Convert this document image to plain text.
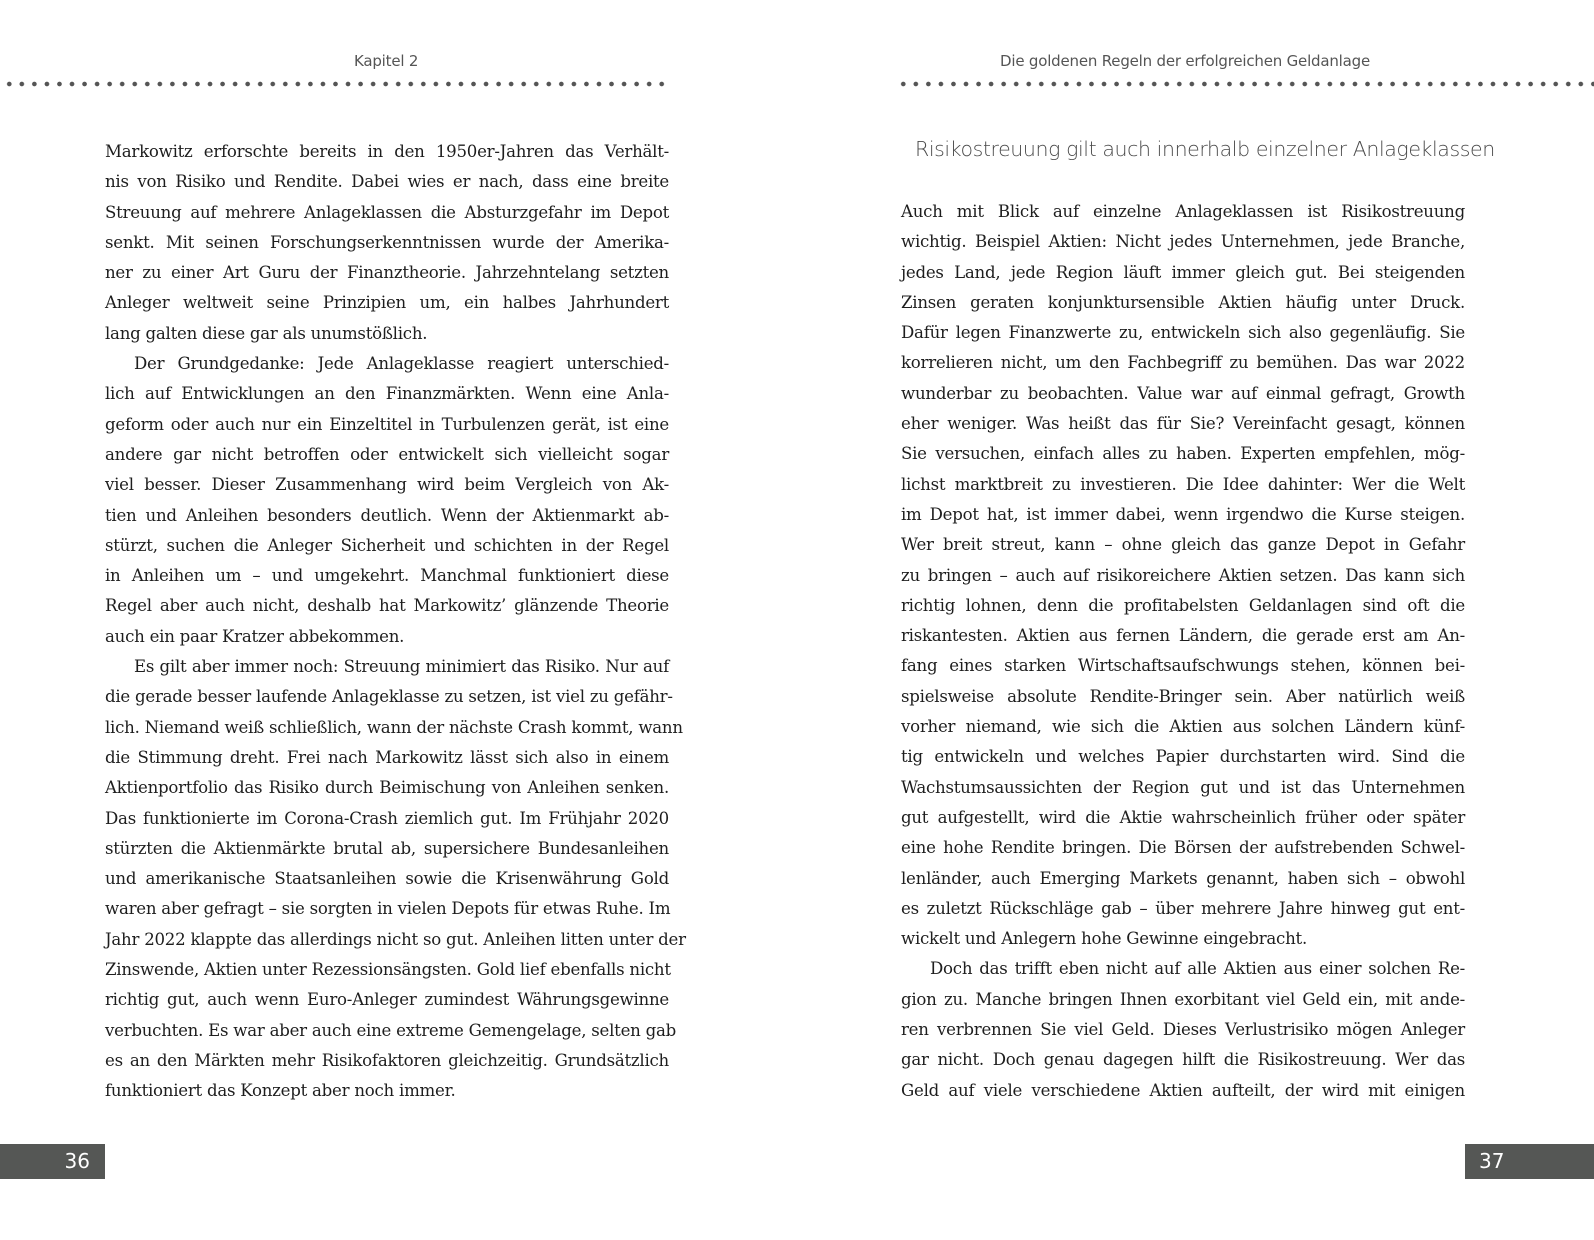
Kapitel 2

Markowitz erforschte bereits in den 1950er-Jahren das Verhält-
nis von Risiko und Rendite. Dabei wies er nach, dass eine breite
Streuung auf mehrere Anlageklassen die Absturzgefahr im Depot
senkt. Mit seinen Forschungserkenntnissen wurde der Amerika-
ner zu einer Art Guru der Finanztheorie. Jahrzehntelang setzten
Anleger weltweit seine Prinzipien um, ein halbes Jahrhundert
lang galten diese gar als unumstößlich.

Der Grundgedanke: Jede Anlageklasse reagiert unterschied-
lich auf Entwicklungen an den Finanzmärkten. Wenn eine Anla-
geform oder auch nur ein Einzeltitel in Turbulenzen gerät, ist eine
andere gar nicht betroffen oder entwickelt sich vielleicht sogar
viel besser. Dieser Zusammenhang wird beim Vergleich von Ak-
tien und Anleihen besonders deutlich. Wenn der Aktienmarkt ab-
stürzt, suchen die Anleger Sicherheit und schichten in der Regel
in Anleihen um – und umgekehrt. Manchmal funktioniert diese
Regel aber auch nicht, deshalb hat Markowitz’ glänzende Theorie
auch ein paar Kratzer abbekommen.

Es gilt aber immer noch: Streuung minimiert das Risiko. Nur auf
die gerade besser laufende Anlageklasse zu setzen, ist viel zu gefähr-
lich. Niemand weiß schließlich, wann der nächste Crash kommt, wann
die Stimmung dreht. Frei nach Markowitz lässt sich also in einem
Aktienportfolio das Risiko durch Beimischung von Anleihen senken.
Das funktionierte im Corona-Crash ziemlich gut. Im Frühjahr 2020
stürzten die Aktienmärkte brutal ab, supersichere Bundesanleihen
und amerikanische Staatsanleihen sowie die Krisenwährung Gold
waren aber gefragt – sie sorgten in vielen Depots für etwas Ruhe. Im
Jahr 2022 klappte das allerdings nicht so gut. Anleihen litten unter der
Zinswende, Aktien unter Rezessionsängsten. Gold lief ebenfalls nicht
richtig gut, auch wenn Euro-Anleger zumindest Währungsgewinne
verbuchten. Es war aber auch eine extreme Gemengelage, selten gab
es an den Märkten mehr Risikofaktoren gleichzeitig. Grundsätzlich
funktioniert das Konzept aber noch immer.

36
Die goldenen Regeln der erfolgreichen Geldanlage
Risikostreuung gilt auch innerhalb einzelner Anlageklassen

Auch mit Blick auf einzelne Anlageklassen ist Risikostreuung
wichtig. Beispiel Aktien: Nicht jedes Unternehmen, jede Branche,
jedes Land, jede Region läuft immer gleich gut. Bei steigenden
Zinsen geraten konjunktursensible Aktien häufig unter Druck.
Dafür legen Finanzwerte zu, entwickeln sich also gegenläufig. Sie
korrelieren nicht, um den Fachbegriff zu bemühen. Das war 2022
wunderbar zu beobachten. Value war auf einmal gefragt, Growth
eher weniger. Was heißt das für Sie? Vereinfacht gesagt, können
Sie versuchen, einfach alles zu haben. Experten empfehlen, mög-
lichst marktbreit zu investieren. Die Idee dahinter: Wer die Welt
im Depot hat, ist immer dabei, wenn irgendwo die Kurse steigen.
Wer breit streut, kann – ohne gleich das ganze Depot in Gefahr
zu bringen – auch auf risikoreichere Aktien setzen. Das kann sich
richtig lohnen, denn die profitabelsten Geldanlagen sind oft die
riskantesten. Aktien aus fernen Ländern, die gerade erst am An-
fang eines starken Wirtschaftsaufschwungs stehen, können bei-
spielsweise absolute Rendite-Bringer sein. Aber natürlich weiß
vorher niemand, wie sich die Aktien aus solchen Ländern künf-
tig entwickeln und welches Papier durchstarten wird. Sind die
Wachstumsaussichten der Region gut und ist das Unternehmen
gut aufgestellt, wird die Aktie wahrscheinlich früher oder später
eine hohe Rendite bringen. Die Börsen der aufstrebenden Schwel-
lenländer, auch Emerging Markets genannt, haben sich – obwohl
es zuletzt Rückschläge gab – über mehrere Jahre hinweg gut ent-
wickelt und Anlegern hohe Gewinne eingebracht.

Doch das trifft eben nicht auf alle Aktien aus einer solchen Re-
gion zu. Manche bringen Ihnen exorbitant viel Geld ein, mit ande-
ren verbrennen Sie viel Geld. Dieses Verlustrisiko mögen Anleger
gar nicht. Doch genau dagegen hilft die Risikostreuung. Wer das
Geld auf viele verschiedene Aktien aufteilt, der wird mit einigen

37
